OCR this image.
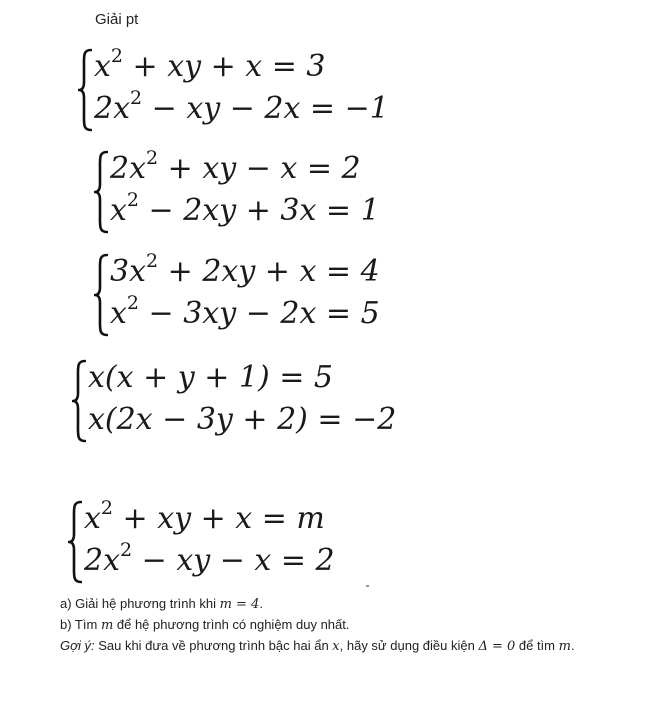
Giải pt
$x^2$ + xy + x = 3
$2x^2$ − xy − 2x = −1
$2x^2$ + xy − x = 2
$x^2 - 2xy + 3x = 1$
$3x^2 + 2xy + x = 4$
$x^2 - 3xy - 2x = 5$
x(x + y + 1) = 5
x(2x − 3y + 2) = −2
$x^2$ + xy + x = m
$2x^2$ − xy − x = 2
a) Giải hệ phương trình khi m = 4.
b) Tìm m để hệ phương trình có nghiệm duy nhất.
Gợi ý: Sau khi đưa về phương trình bậc hai ẩn x, hãy sử dụng điều kiện Δ = 0 để tìm m.
